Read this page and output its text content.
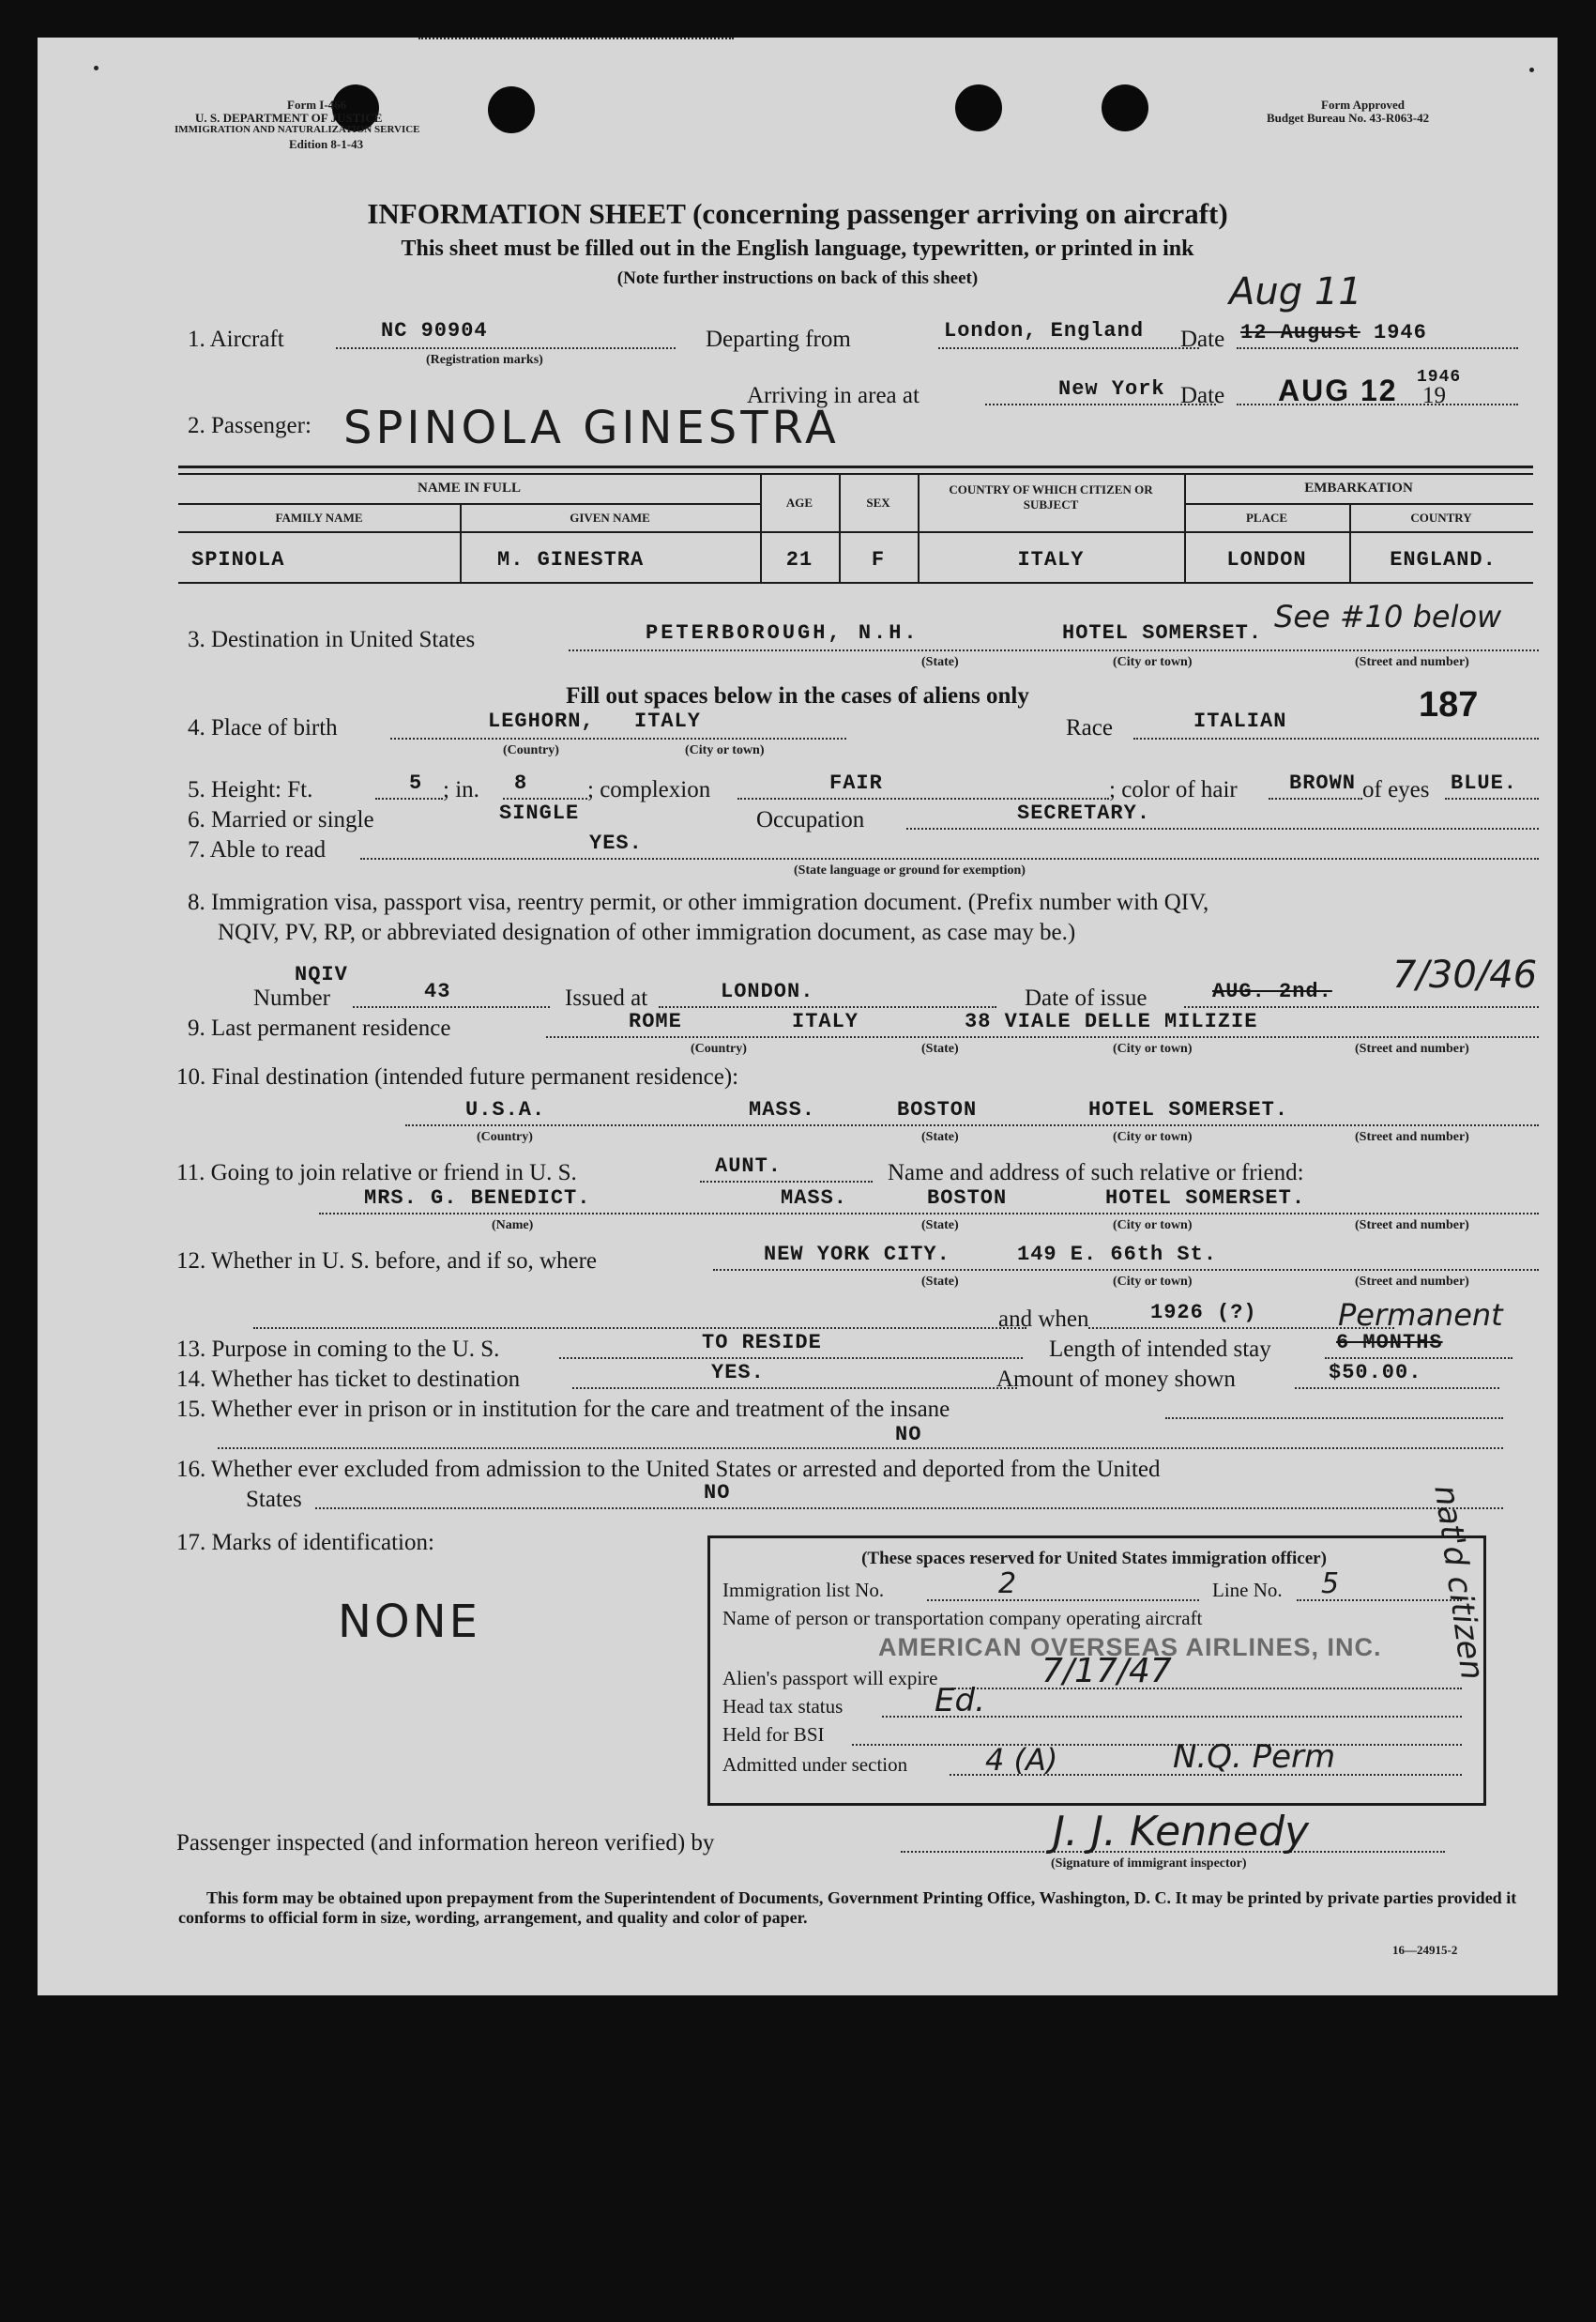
Form I-466
U. S. DEPARTMENT OF JUSTICE
IMMIGRATION AND NATURALIZATION SERVICE
Edition 8-1-43
Form Approved
Budget Bureau No. 43-R063-42
INFORMATION SHEET (concerning passenger arriving on aircraft)
This sheet must be filled out in the English language, typewritten, or printed in ink
(Note further instructions on back of this sheet)
1. Aircraft	NC 90904
(Registration marks)
Departing from	London, England Date 12 August 1946
Aug 11
2. Passenger: SPINOLA GINESTRA
Arriving in area at	New York Date AUG 12 19
1946
NAME IN FULL
FAMILY NAME	GIVEN NAME
AGE	SEX
COUNTRY OF WHICH CITIZEN OR SUBJECT
EMBARKATION
PLACE	COUNTRY
SPINOLA	M. GINESTRA	21	F	ITALY	LONDON	ENGLAND.
3. Destination in United States	PETERBOROUGH, N.H.	HOTEL SOMERSET.
(State)	(City or town)	(Street and number)
See #10 below
Fill out spaces below in the cases of aliens only	187
4. Place of birth	LEGHORN, ITALY
(Country)	(City or town)
Race	ITALIAN
5. Height: Ft.	5 ; in. 8	; complexion	FAIR	; color of hair	BROWN of eyes BLUE.
6. Married or single	SINGLE	Occupation	SECRETARY.
7. Able to read	YES.
(State language or ground for exemption)
8. Immigration visa, passport visa, reentry permit, or other immigration document. (Prefix number with QIV,
NQIV, PV, RP, or abbreviated designation of other immigration document, as case may be.)
NQIV
Number	43	Issued at	LONDON.	Date of issue	AUG. 2nd. 7/30/46
9. Last permanent residence	ROME	ITALY	38 VIALE DELLE MILIZIE
(Country)	(State)	(City or town)	(Street and number)
10. Final destination (intended future permanent residence):
U.S.A.	MASS.	BOSTON	HOTEL SOMERSET.
(Country)	(State)	(City or town)	(Street and number)
11. Going to join relative or friend in U. S.	AUNT.	Name and address of such relative or friend:
MRS. G. BENEDICT.	MASS.	BOSTON	HOTEL SOMERSET.
(Name)	(State)	(City or town)	(Street and number)
12. Whether in U. S. before, and if so, where	NEW YORK CITY.	149 E. 66th St.
(State)	(City or town)	(Street and number)
and when	1926 (?)
13. Purpose in coming to the U. S.	TO RESIDE	Length of intended stay	6 MONTHS
Permanent
14. Whether has ticket to destination	YES.	Amount of money shown	$50.00.
15. Whether ever in prison or in institution for the care and treatment of the insane
NO
16. Whether ever excluded from admission to the United States or arrested and deported from the United
States	NO
17. Marks of identification:
NONE
(These spaces reserved for United States immigration officer)
Immigration list No.	2	Line No. 5
Name of person or transportation company operating aircraft
AMERICAN OVERSEAS AIRLINES, INC.
Alien's passport will expire	7/17/47
Head tax status	Ed.
Held for BSI
Admitted under section	4 (A)	N.Q. Perm
Passenger inspected (and information hereon verified) by	J. J. Kennedy
(Signature of immigrant inspector)
This form may be obtained upon prepayment from the Superintendent of Documents, Government Printing Office, Washington, D. C. It may be printed by private parties provided it conforms to official form in size, wording, arrangement, and quality and color of paper.
16—24915-2
nat'd citizen
